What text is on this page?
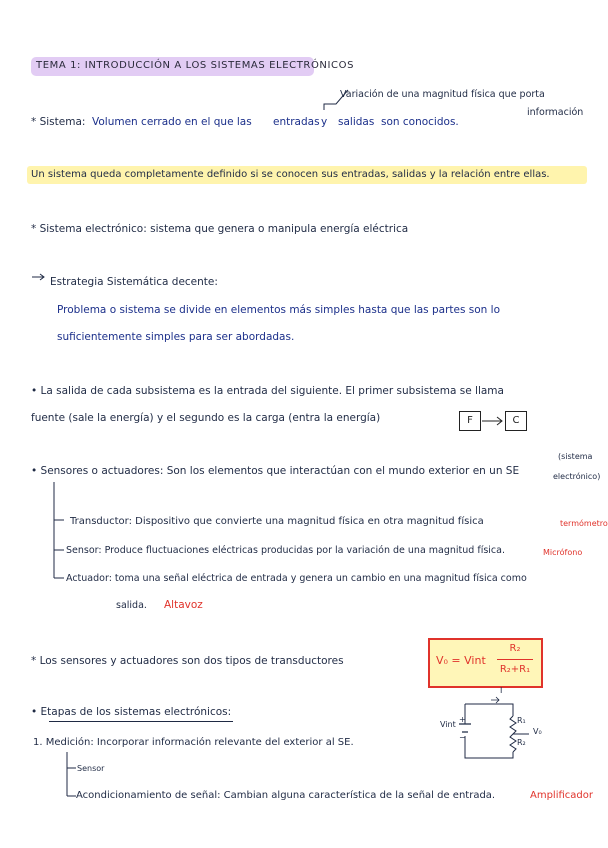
TEMA 1: INTRODUCCIÓN A LOS SISTEMAS ELECTRÓNICOS
Variación de una magnitud física que porta
información
* Sistema: Volumen cerrado en el que las entradas y salidas son conocidos.
Un sistema queda completamente definido si se conocen sus entradas, salidas y la relación entre ellas.
* Sistema electrónico: sistema que genera o manipula energía eléctrica
Estrategia Sistemática decente:
Problema o sistema se divide en elementos más simples hasta que las partes son lo
suficientemente simples para ser abordadas.
• La salida de cada subsistema es la entrada del siguiente. El primer subsistema se llama
fuente (sale la energía) y el segundo es la carga (entra la energía)	F	C
(sistema
electrónico)
• Sensores o actuadores: Son los elementos que interactúan con el mundo exterior en un SE
Transductor: Dispositivo que convierte una magnitud física en otra magnitud física	termómetro
Sensor: Produce fluctuaciones eléctricas producidas por la variación de una magnitud física.	Micrófono
Actuador: toma una señal eléctrica de entrada y genera un cambio en una magnitud física como
salida. Altavoz
* Los sensores y actuadores son dos tipos de transductores	V₀ = Vint
R₂
R₂+R₁
Vint
+
−
I
R₁
R₂
V₀
• Etapas de los sistemas electrónicos:
1. Medición: Incorporar información relevante del exterior al SE.
Sensor
Acondicionamiento de señal: Cambian alguna característica de la señal de entrada.	Amplificador
